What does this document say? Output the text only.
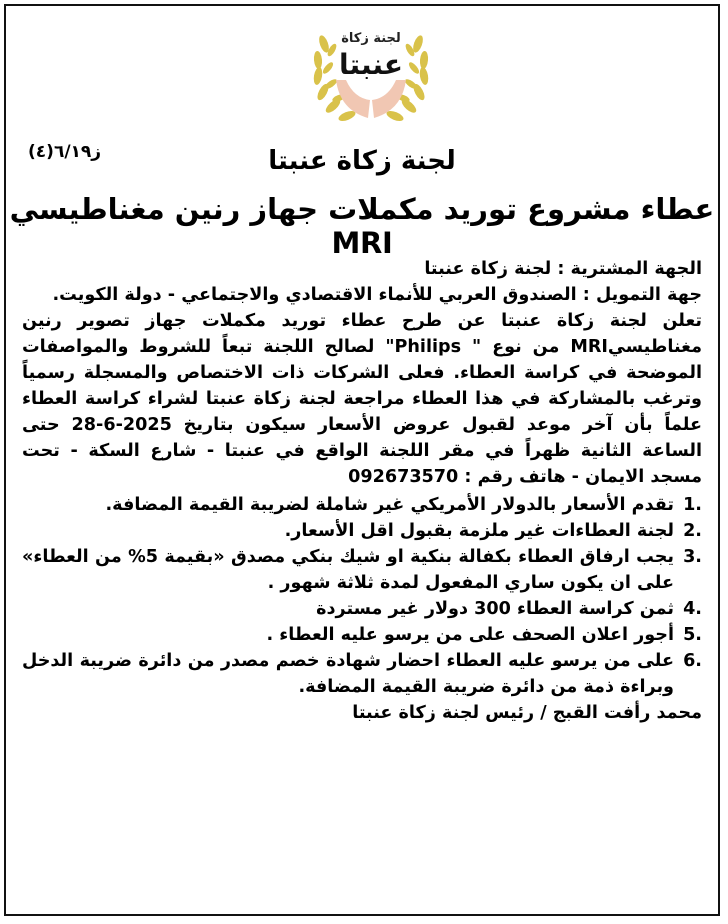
لجنة زكاة
عنبتا
ز٦/١٩(٤)	لجنة زكاة عنبتا
عطاء مشروع توريد مكملات جهاز رنين مغناطيسي MRI

الجهة المشترية : لجنة زكاة عنبتا

جهة التمويل : الصندوق العربي للأنماء الاقتصادي والاجتماعي - دولة الكويت.

تعلن لجنة زكاة عنبتا عن طرح عطاء توريد مكملات جهاز تصوير رنين مغناطيسيMRI من نوع " Philips" لصالح اللجنة تبعاً للشروط والمواصفات الموضحة في كراسة العطاء. فعلى الشركات ذات الاختصاص والمسجلة رسمياً وترغب بالمشاركة في هذا العطاء مراجعة لجنة زكاة عنبتا لشراء كراسة العطاء علماً بأن آخر موعد لقبول عروض الأسعار سيكون بتاريخ 2025-6-28 حتى الساعة الثانية ظهراً في مقر اللجنة الواقع في عنبتا - شارع السكة - تحت مسجد الايمان - هاتف رقم : 092673570

1.
تقدم الأسعار بالدولار الأمريكي غير شاملة لضريبة القيمة المضافة.
2.
لجنة العطاءات غير ملزمة بقبول اقل الأسعار.
3.
يجب ارفاق العطاء بكفالة بنكية او شيك بنكي مصدق «بقيمة 5% من العطاء» على ان يكون ساري المفعول لمدة ثلاثة شهور .
4.
ثمن كراسة العطاء 300 دولار غير مستردة
5.
أجور اعلان الصحف على من يرسو عليه العطاء .
6.
على من يرسو عليه العطاء احضار شهادة خصم مصدر من دائرة ضريبة الدخل وبراءة ذمة من دائرة ضريبة القيمة المضافة.

محمد رأفت القبج / رئيس لجنة زكاة عنبتا
